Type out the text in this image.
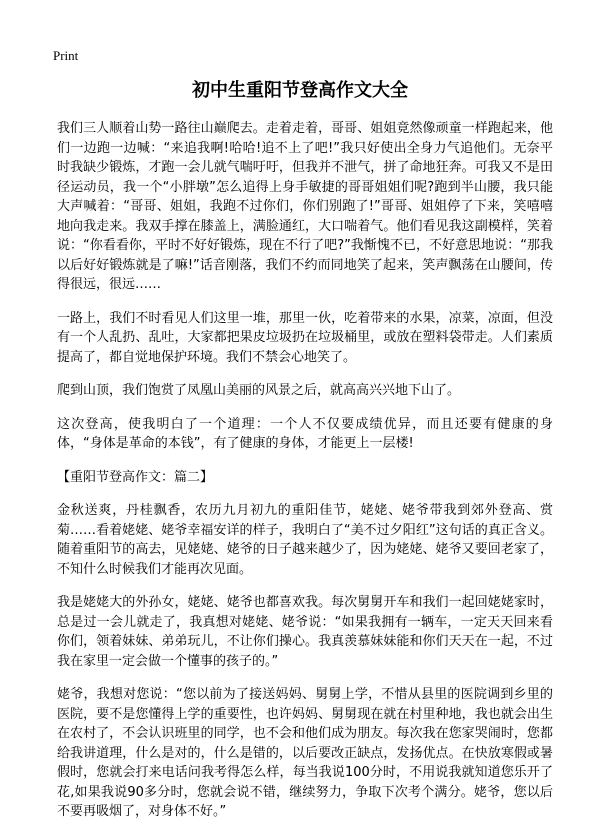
Print
初中生重阳节登高作文大全

我们三人顺着山势一路往山巅爬去。走着走着，哥哥、姐姐竟然像顽童一样跑起来，他们一边跑一边喊：“来追我啊!哈哈!追不上了吧!”我只好使出全身力气追他们。无奈平时我缺少锻炼，才跑一会儿就气喘吁吁，但我并不泄气，拼了命地狂奔。可我又不是田径运动员，我一个“小胖墩”怎么追得上身手敏捷的哥哥姐姐们呢?跑到半山腰，我只能大声喊着：“哥哥、姐姐，我跑不过你们，你们别跑了!”哥哥、姐姐停了下来，笑嘻嘻地向我走来。我双手撑在膝盖上，满脸通红，大口喘着气。他们看见我这副模样，笑着说：“你看看你，平时不好好锻炼，现在不行了吧?”我惭愧不已，不好意思地说：“那我以后好好锻炼就是了嘛!”话音刚落，我们不约而同地笑了起来，笑声飘荡在山腰间，传得很远，很远……

一路上，我们不时看见人们这里一堆，那里一伙，吃着带来的水果，凉菜，凉面，但没有一个人乱扔、乱吐，大家都把果皮垃圾扔在垃圾桶里，或放在塑料袋带走。人们素质提高了，都自觉地保护环境。我们不禁会心地笑了。

爬到山顶，我们饱赏了凤凰山美丽的风景之后，就高高兴兴地下山了。

这次登高，使我明白了一个道理：一个人不仅要成绩优异，而且还要有健康的身体，“身体是革命的本钱”，有了健康的身体，才能更上一层楼!

【重阳节登高作文：篇二】

金秋送爽，丹桂飘香，农历九月初九的重阳佳节，姥姥、姥爷带我到郊外登高、赏菊……看着姥姥、姥爷幸福安详的样子，我明白了“美不过夕阳红”这句话的真正含义。随着重阳节的高去，见姥姥、姥爷的日子越来越少了，因为姥姥、姥爷又要回老家了，不知什么时候我们才能再次见面。

我是姥姥大的外孙女，姥姥、姥爷也都喜欢我。每次舅舅开车和我们一起回姥姥家时，总是过一会儿就走了，我真想对姥姥、姥爷说：“如果我拥有一辆车，一定天天回来看你们，领着妹妹、弟弟玩儿，不让你们操心。我真羡慕妹妹能和你们天天在一起，不过我在家里一定会做一个懂事的孩子的。”

姥爷，我想对您说：“您以前为了接送妈妈、舅舅上学，不惜从县里的医院调到乡里的医院，要不是您懂得上学的重要性，也许妈妈、舅舅现在就在村里种地，我也就会出生在农村了，不会认识班里的同学，也不会和他们成为朋友。每次我在您家哭闹时，您都给我讲道理，什么是对的，什么是错的，以后要改正缺点，发扬优点。在快放寒假或暑假时，您就会打来电话问我考得怎么样，每当我说100分时，不用说我就知道您乐开了花,如果我说90多分时，您就会说不错，继续努力，争取下次考个满分。姥爷，您以后不要再吸烟了，对身体不好。”
